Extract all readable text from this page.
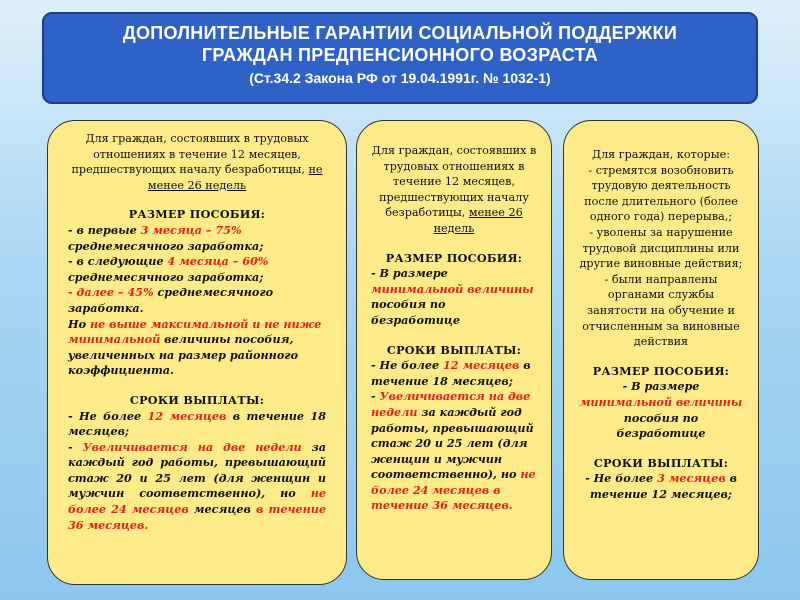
ДОПОЛНИТЕЛЬНЫЕ ГАРАНТИИ СОЦИАЛЬНОЙ ПОДДЕРЖКИ
ГРАЖДАН ПРЕДПЕНСИОННОГО ВОЗРАСТА
(Ст.34.2 Закона РФ от 19.04.1991г. № 1032-1)

Для граждан, состоявших в трудовых отношениях в течение 12 месяцев, предшествующих началу безработицы, не менее 26 недель

РАЗМЕР ПОСОБИЯ:

- в первые 3 месяца – 75% среднемесячного заработка;

- в следующие 4 месяца – 60% среднемесячного заработка;

- далее – 45% среднемесячного заработка.

Но не выше максимальной и не ниже минимальной величины пособия, увеличенных на размер районного коэффициента.

СРОКИ ВЫПЛАТЫ:

- Не более 12 месяцев в течение 18 месяцев;

- Увеличивается на две недели за каждый год работы, превышающий стаж 20 и 25 лет (для женщин и мужчин соответственно), но не более 24 месяцев месяцев в течение 36 месяцев.

Для граждан, состоявших в трудовых отношениях в течение 12 месяцев, предшествующих началу безработицы, менее 26 недель

РАЗМЕР ПОСОБИЯ:

- В размере минимальной величины пособия по безработице

СРОКИ ВЫПЛАТЫ:

- Не более 12 месяцев в течение 18 месяцев;

- Увеличивается на две недели за каждый год работы, превышающий стаж 20 и 25 лет (для женщин и мужчин соответственно), но не более 24 месяцев в течение 36 месяцев.

Для граждан, которые:

- стремятся возобновить трудовую деятельность после длительного (более одного года) перерыва,;

- уволены за нарушение трудовой дисциплины или другие виновные действия;

- были направлены органами службы занятости на обучение и отчисленным за виновные действия

РАЗМЕР ПОСОБИЯ:

- В размере минимальной величины пособия по безработице

СРОКИ ВЫПЛАТЫ:

- Не более 3 месяцев в течение 12 месяцев;
